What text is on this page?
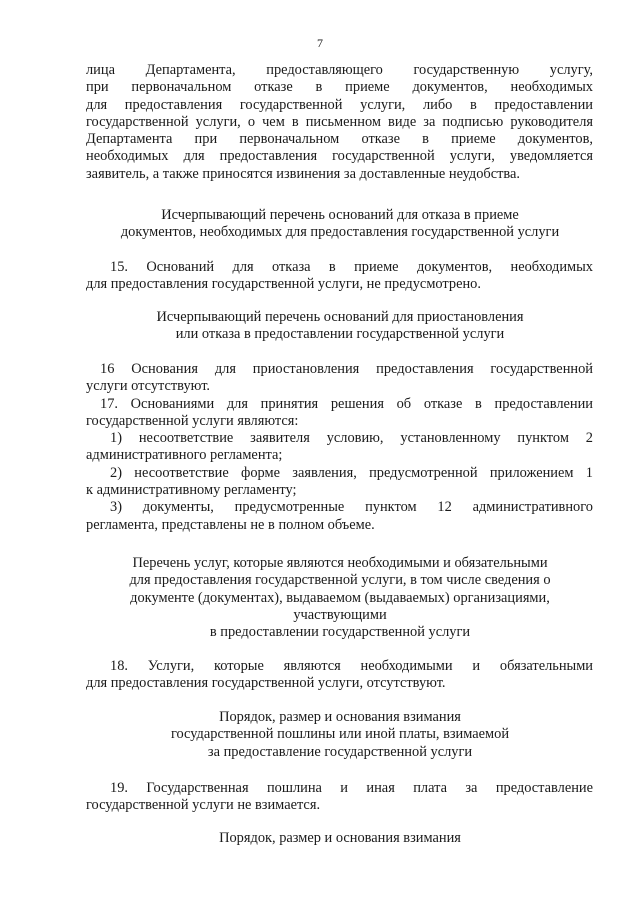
7
лица Департамента, предоставляющего государственную услугу,
при первоначальном отказе в приеме документов, необходимых
для предоставления государственной услуги, либо в предоставлении
государственной услуги, о чем в письменном виде за подписью руководителя
Департамента при первоначальном отказе в приеме документов,
необходимых для предоставления государственной услуги, уведомляется
заявитель, а также приносятся извинения за доставленные неудобства.
Исчерпывающий перечень оснований для отказа в приеме
документов, необходимых для предоставления государственной услуги
15. Оснований для отказа в приеме документов, необходимых
для предоставления государственной услуги, не предусмотрено.
Исчерпывающий перечень оснований для приостановления
или отказа в предоставлении государственной услуги
16 Основания для приостановления предоставления государственной
услуги отсутствуют.
17. Основаниями для принятия решения об отказе в предоставлении
государственной услуги являются:
1) несоответствие заявителя условию, установленному пунктом 2
административного регламента;
2) несоответствие форме заявления, предусмотренной приложением 1
к административному регламенту;
3) документы, предусмотренные пунктом 12 административного
регламента, представлены не в полном объеме.
Перечень услуг, которые являются необходимыми и обязательными
для предоставления государственной услуги, в том числе сведения о
документе (документах), выдаваемом (выдаваемых) организациями,
участвующими
в предоставлении государственной услуги
18. Услуги, которые являются необходимыми и обязательными
для предоставления государственной услуги, отсутствуют.
Порядок, размер и основания взимания
государственной пошлины или иной платы, взимаемой
за предоставление государственной услуги
19. Государственная пошлина и иная плата за предоставление
государственной услуги не взимается.
Порядок, размер и основания взимания
